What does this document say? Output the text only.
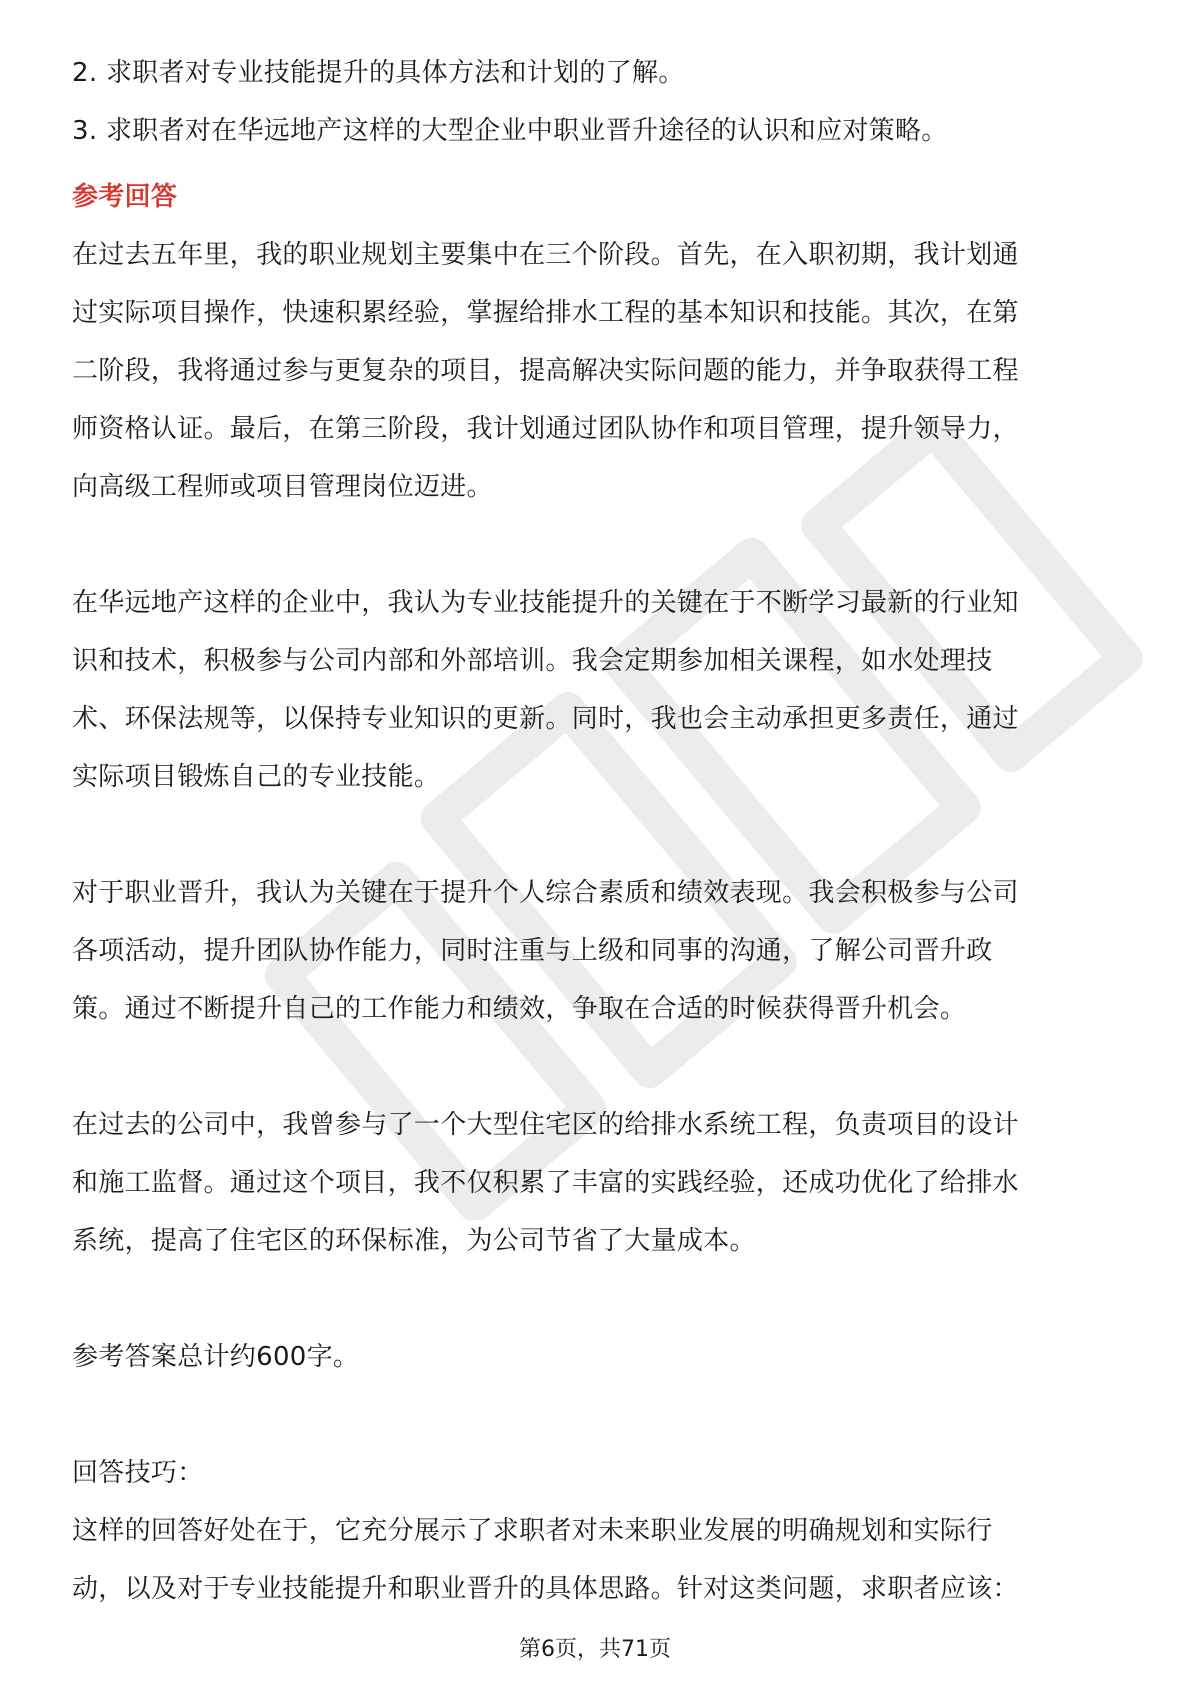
2. 求职者对专业技能提升的具体方法和计划的了解。
3. 求职者对在华远地产这样的大型企业中职业晋升途径的认识和应对策略。
参考回答
在过去五年里，我的职业规划主要集中在三个阶段。首先，在入职初期，我计划通
过实际项目操作，快速积累经验，掌握给排水工程的基本知识和技能。其次，在第
二阶段，我将通过参与更复杂的项目，提高解决实际问题的能力，并争取获得工程
师资格认证。最后，在第三阶段，我计划通过团队协作和项目管理，提升领导力，
向高级工程师或项目管理岗位迈进。
在华远地产这样的企业中，我认为专业技能提升的关键在于不断学习最新的行业知
识和技术，积极参与公司内部和外部培训。我会定期参加相关课程，如水处理技
术、环保法规等，以保持专业知识的更新。同时，我也会主动承担更多责任，通过
实际项目锻炼自己的专业技能。
对于职业晋升，我认为关键在于提升个人综合素质和绩效表现。我会积极参与公司
各项活动，提升团队协作能力，同时注重与上级和同事的沟通，了解公司晋升政
策。通过不断提升自己的工作能力和绩效，争取在合适的时候获得晋升机会。
在过去的公司中，我曾参与了一个大型住宅区的给排水系统工程，负责项目的设计
和施工监督。通过这个项目，我不仅积累了丰富的实践经验，还成功优化了给排水
系统，提高了住宅区的环保标准，为公司节省了大量成本。
参考答案总计约600字。
回答技巧：
这样的回答好处在于，它充分展示了求职者对未来职业发展的明确规划和实际行
动，以及对于专业技能提升和职业晋升的具体思路。针对这类问题，求职者应该：
第6页，共71页
